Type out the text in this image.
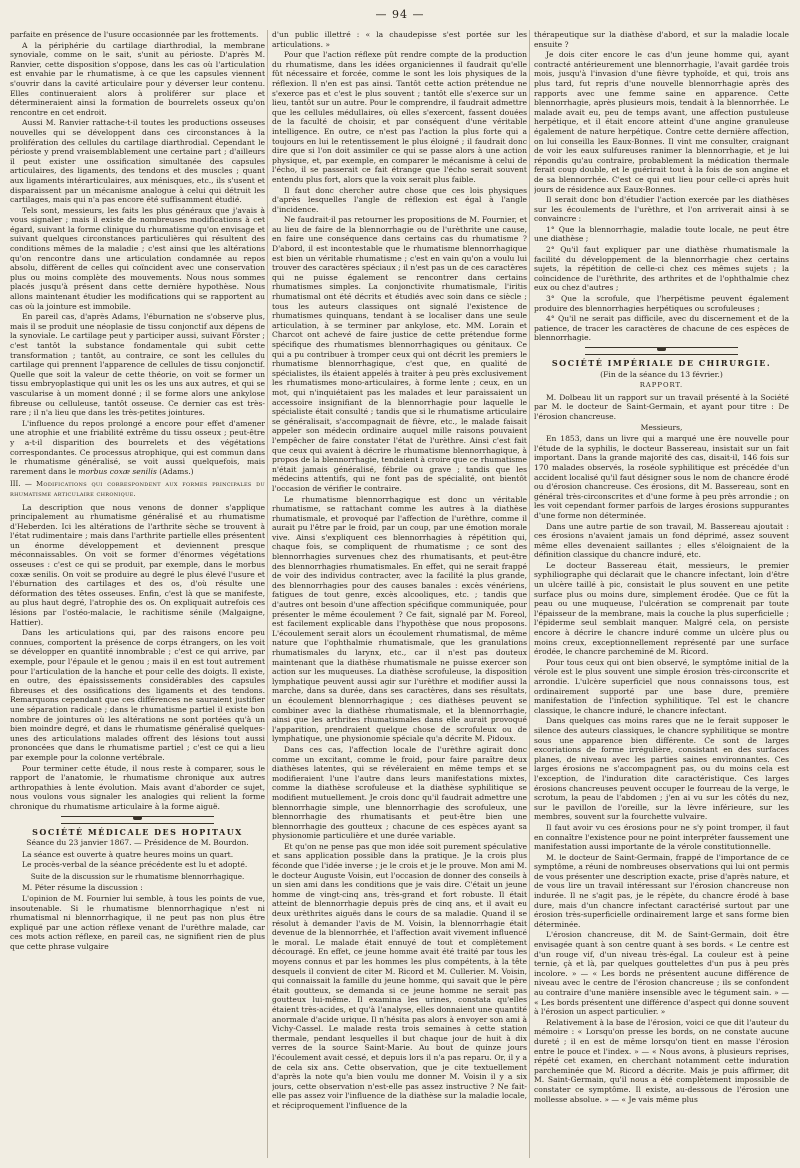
— 94 —

parfaite en présence de l'usure occasionnée par les frottements.

A la périphérie du cartilage diarthrodial, la membrane synoviale, comme on le sait, s'unit au périoste. D'après M. Ranvier, cette disposition s'oppose, dans les cas où l'articulation est envahie par le rhumatisme, à ce que les capsules viennent s'ouvrir dans la cavité articulaire pour y déverser leur contenu. Elles continueraient alors à proliférer sur place et détermineraient ainsi la formation de bourrelets osseux qu'on rencontre en cet endroit.

Aussi M. Ranvier rattache-t-il toutes les productions osseuses nouvelles qui se développent dans ces circonstances à la prolifération des cellules du cartilage diarthrodial. Cependant le périoste y prend vraisemblablement une certaine part ; d'ailleurs il peut exister une ossification simultanée des capsules articulaires, des ligaments, des tendons et des muscles ; quant aux ligaments intérarticulaires, aux ménisques, etc., ils s'usent et disparaissent par un mécanisme analogue à celui qui détruit les cartilages, mais qui n'a pas encore été suffisamment étudié.

Tels sont, messieurs, les faits les plus généraux que j'avais à vous signaler ; mais il existe de nombreuses modifications à cet égard, suivant la forme clinique du rhumatisme qu'on envisage et suivant quelques circonstances particulières qui résultent des conditions mêmes de la maladie ; c'est ainsi que les altérations qu'on rencontre dans une articulation condamnée au repos absolu, diffèrent de celles qui coïncident avec une conservation plus ou moins complète des mouvements. Nous nous sommes placés jusqu'à présent dans cette dernière hypothèse. Nous allons maintenant étudier les modifications qui se rapportent au cas où la jointure est immobile.

En pareil cas, d'après Adams, l'éburnation ne s'observe plus, mais il se produit une néoplasie de tissu conjonctif aux dépens de la synoviale. Le cartilage peut y participer aussi, suivant Förster ; c'est tantôt la substance fondamentale qui subit cette transformation ; tantôt, au contraire, ce sont les cellules du cartilage qui prennent l'apparence de cellules de tissu conjonctif. Quelle que soit la valeur de cette théorie, on voit se former un tissu embryoplastique qui unit les os les uns aux autres, et qui se vascularise à un moment donné ; il se forme alors une ankylose fibreuse ou celluleuse, tantôt osseuse. Ce dernier cas est très-rare ; il n'a lieu que dans les très-petites jointures.

L'influence du repos prolongé a encore pour effet d'amener une atrophie et une friabilité extrême du tissu osseux ; peut-être y a-t-il disparition des bourrelets et des végétations correspondantes. Ce processus atrophique, qui est commun dans le rhumatisme généralisé, se voit aussi quelquefois, mais rarement dans le morbus coxæ senilis (Adams.)

III. — Modifications qui correspondent aux formes principales du rhumatisme articulaire chronique.

La description que nous venons de donner s'applique principalement au rhumatisme généralisé et au rhumatisme d'Heberden. Ici les altérations de l'arthrite sèche se trouvent à l'état rudimentaire ; mais dans l'arthrite partielle elles présentent un énorme développement et deviennent presque méconnaissables. On voit se former d'énormes végétations osseuses : c'est ce qui se produit, par exemple, dans le morbus coxæ senilis. On voit se produire au degré le plus élevé l'usure et l'éburnation des cartilages et des os, d'où résulte une déformation des têtes osseuses. Enfin, c'est là que se manifeste, au plus haut degré, l'atrophie des os. On expliquait autrefois ces lésions par l'ostéo-malacie, le rachitisme sénile (Malgaigne, Hattier).

Dans les articulations qui, par des raisons encore peu connues, comportent la présence de corps étrangers, on les voit se développer en quantité innombrable ; c'est ce qui arrive, par exemple, pour l'épaule et le genou ; mais il en est tout autrement pour l'articulation de la hanche et pour celle des doigts. Il existe, en outre, des épaississements considérables des capsules fibreuses et des ossifications des ligaments et des tendons. Remarquons cependant que ces différences ne sauraient justifier une séparation radicale ; dans le rhumatisme partiel il existe bon nombre de jointures où les altérations ne sont portées qu'à un bien moindre degré, et dans le rhumatisme généralisé quelques-unes des articulations malades offrent des lésions tout aussi prononcées que dans le rhumatisme partiel ; c'est ce qui a lieu par exemple pour la colonne vertébrale.

Pour terminer cette étude, il nous reste à comparer, sous le rapport de l'anatomie, le rhumatisme chronique aux autres arthropathies à lente évolution. Mais avant d'aborder ce sujet, nous voulons vous signaler les analogies qui relient la forme chronique du rhumatisme articulaire à la forme aiguë.

SOCIÉTÉ MÉDICALE DES HOPITAUX

Séance du 23 janvier 1867. — Présidence de M. Bourdon.

La séance est ouverte à quatre heures moins un quart.

Le procès-verbal de la séance précédente est lu et adopté.

Suite de la discussion sur le rhumatisme blennorrhagique.

M. Péter résume la discussion :

L'opinion de M. Fournier lui semble, à tous les points de vue, insoutenable. Si le rhumatisme blennorrhagique n'est ni rhumatismal ni blennorrhagique, il ne peut pas non plus être expliqué par une action réflexe venant de l'urèthre malade, car ces mots action réflexe, en pareil cas, ne signifient rien de plus que cette phrase vulgaire

d'un public illettré : « la chaudepisse s'est portée sur les articulations. »

Pour que l'action réflexe pût rendre compte de la production du rhumatisme, dans les idées organiciennes il faudrait qu'elle fût nécessaire et forcée, comme le sont les lois physiques de la réflexion. Il n'en est pas ainsi. Tantôt cette action prétendue ne s'exerce pas et c'est le plus souvent ; tantôt elle s'exerce sur un lieu, tantôt sur un autre. Pour le comprendre, il faudrait admettre que les cellules médullaires, où elles s'exercent, fassent douées de la faculté de choisir, et par conséquent d'une véritable intelligence. En outre, ce n'est pas l'action la plus forte qui a toujours en lui le retentissement le plus éloigné ; il faudrait donc dire que si l'on doit assimiler ce qui se passe alors à une action physique, et, par exemple, en comparer le mécanisme à celui de l'écho, il se passerait ce fait étrange que l'écho serait souvent entendu plus fort, alors que la voix serait plus faible.

Il faut donc chercher autre chose que ces lois physiques d'après lesquelles l'angle de réflexion est égal à l'angle d'incidence.

Ne faudrait-il pas retourner les propositions de M. Fournier, et au lieu de faire de la blennorrhagie ou de l'urèthrite une cause, en faire une conséquence dans certains cas du rhumatisme ? D'abord, il est incontestable que le rhumatisme blennorrhagique est bien un véritable rhumatisme ; c'est en vain qu'on a voulu lui trouver des caractères spéciaux ; il n'est pas un de ces caractères qui ne puisse également se rencontrer dans certains rhumatismes simples. La conjonctivite rhumatismale, l'iritis rhumatismal ont été décrits et étudiés avec soin dans ce siècle ; tous les auteurs classiques ont signalé l'existence de rhumatismes quinquans, tendant à se localiser dans une seule articulation, à se terminer par ankylose, etc. MM. Lorain et Charcot ont achevé de faire justice de cette prétendue forme spécifique des rhumatismes blennorrhagiques ou génitaux. Ce qui a pu contribuer à tromper ceux qui ont décrit les premiers le rhumatisme blennorrhagique, c'est que, en qualité de spécialistes, ils étaient appelés à traiter à peu près exclusivement les rhumatismes mono-articulaires, à forme lente ; ceux, en un mot, qui n'inquiétaient pas les malades et leur paraissaient un accessoire insignifiant de la blennorrhagie pour laquelle le spécialiste était consulté ; tandis que si le rhumatisme articulaire se généralisait, s'accompagnait de fièvre, etc., le malade faisait appeler son médecin ordinaire auquel mille raisons pouvaient l'empêcher de faire constater l'état de l'urèthre. Ainsi c'est fait que ceux qui avaient à décrire le rhumatisme blennorrhagique, à propos de la blennorrhagie, tendaient à croire que ce rhumatisme n'était jamais généralisé, fébrile ou grave ; tandis que les médecins attentifs, qui ne font pas de spécialité, ont bientôt l'occasion de vérifier le contraire.

Le rhumatisme blennorrhagique est donc un véritable rhumatisme, se rattachant comme les autres à la diathèse rhumatismale, et provoqué par l'affection de l'urèthre, comme il aurait pu l'être par le froid, par un coup, par une émotion morale vive. Ainsi s'expliquent ces blennorrhagies à répétition qui, chaque fois, se compliquent de rhumatisme ; ce sont des blennorrhagies survenues chez des rhumatisants, et peut-être des blennorrhagies rhumatismales. En effet, qui ne serait frappé de voir des individus contracter, avec la facilité la plus grande, des blennorrhagies pour des causes banales : excès vénériens, fatigues de tout genre, excès alcooliques, etc. ; tandis que d'autres ont besoin d'une affection spécifique communiquée, pour présenter le même écoulement ? Ce fait, signalé par M. Foreol, est facilement explicable dans l'hypothèse que nous proposons. L'écoulement serait alors un écoulement rhumatismal, de même nature que l'ophthalmie rhumatismale, que les granulations rhumatismales du larynx, etc., car il n'est pas douteux maintenant que la diathèse rhumatismale ne puisse exercer son action sur les muqueuses. La diathèse scrofuleuse, la disposition lymphatique peuvent aussi agir sur l'urèthre et modifier aussi la marche, dans sa durée, dans ses caractères, dans ses résultats, un écoulement blennorrhagique ; ces diathèses peuvent se combiner avec la diathèse rhumatismale, et la blennorrhagie, ainsi que les arthrites rhumatismales dans elle aurait provoqué l'apparition, prendraient quelque chose de scrofuleux ou de lymphatique, une physionomie spéciale qu'a décrite M. Pidoux.

Dans ces cas, l'affection locale de l'urèthre agirait donc comme un excitant, comme le froid, pour faire paraître deux diathèses latentes, qui se révéleraient en même temps et se modifieraient l'une l'autre dans leurs manifestations mixtes, comme la diathèse scrofuleuse et la diathèse syphilitique se modifient mutuellement. Je crois donc qu'il faudrait admettre une blennorrhagie simple, une blennorrhagie des scrofuleux, une blennorrhagie des rhumatisants et peut-être bien une blennorrhagie des goutteux ; chacune de ces espèces ayant sa physionomie particulière et une durée variable.

Et qu'on ne pense pas que mon idée soit purement spéculative et sans application possible dans la pratique. Je la crois plus féconde que l'idée inverse ; je le crois et je le prouve. Mon ami M. le docteur Auguste Voisin, eut l'occasion de donner des conseils à un sien ami dans les conditions que je vais dire. C'était un jeune homme de vingt-cinq ans, très-grand et fort robuste. Il était atteint de blennorrhagie depuis près de cinq ans, et il avait eu deux urèthrites aiguës dans le cours de sa maladie. Quand il se résolut à demander l'avis de M. Voisin, la blennorrhagie était devenue de la blennorrhée, et l'affection avait vivement influencé le moral. Le malade était ennuyé de tout et complètement découragé. En effet, ce jeune homme avait été traité par tous les moyens connus et par les hommes les plus compétents, à la tête desquels il convient de citer M. Ricord et M. Cullerier. M. Voisin, qui connaissait la famille du jeune homme, qui savait que le père était goutteux, se demanda si ce jeune homme ne serait pas goutteux lui-même. Il examina les urines, constata qu'elles étaient très-acides, et qu'à l'analyse, elles donnaient une quantité anormale d'acide urique. Il n'hésita pas alors à envoyer son ami à Vichy-Cassel. Le malade resta trois semaines à cette station thermale, pendant lesquelles il but chaque jour de huit à dix verres de la source Saint-Marie. Au bout de quinze jours l'écoulement avait cessé, et depuis lors il n'a pas reparu. Or, il y a de cela six ans. Cette observation, que je cite textuellement d'après la note qu'a bien voulu me donner M. Voisin il y a six jours, cette observation n'est-elle pas assez instructive ? Ne fait-elle pas assez voir l'influence de la diathèse sur la maladie locale, et réciproquement l'influence de la

thérapeutique sur la diathèse d'abord, et sur la maladie locale ensuite ?

Je dois citer encore le cas d'un jeune homme qui, ayant contracté antérieurement une blennorrhagie, l'avait gardée trois mois, jusqu'à l'invasion d'une fièvre typhoïde, et qui, trois ans plus tard, fut repris d'une nouvelle blennorrhagie après des rapports avec une femme saine en apparence. Cette blennorrhagie, après plusieurs mois, tendait à la blennorrhée. Le malade avait eu, peu de temps avant, une affection pustuleuse herpétique, et il était encore atteint d'une angine granuleuse également de nature herpétique. Contre cette dernière affection, on lui conseilla les Eaux-Bonnes. Il vint me consulter, craignant de voir les eaux sulfureuses ranimer la blennorrhagie, et je lui répondis qu'au contraire, probablement la médication thermale ferait coup double, et le guérirait tout à la fois de son angine et de sa blennorrhée. C'est ce qui eut lieu pour celle-ci après huit jours de résidence aux Eaux-Bonnes.

Il serait donc bon d'étudier l'action exercée par les diathèses sur les écoulements de l'urèthre, et l'on arriverait ainsi à se convaincre :

1° Que la blennorrhagie, maladie toute locale, ne peut être une diathèse ;

2° Qu'il faut expliquer par une diathèse rhumatismale la facilité du développement de la blennorrhagie chez certains sujets, la répétition de celle-ci chez ces mêmes sujets ; la coïncidence de l'urèthrite, des arthrites et de l'ophthalmie chez eux ou chez d'autres ;

3° Que la scrofule, que l'herpétisme peuvent également produire des blennorrhagies herpétiques ou scrofuleuses ;

4° Qu'il ne serait pas difficile, avec du discernement et de la patience, de tracer les caractères de chacune de ces espèces de blennorrhagie.

SOCIÉTÉ IMPÉRIALE DE CHIRURGIE.

(Fin de la séance du 13 février.)

RAPPORT.

M. Dolbeau lit un rapport sur un travail présenté à la Société par M. le docteur de Saint-Germain, et ayant pour titre : De l'érosion chancreuse.

Messieurs,

En 1853, dans un livre qui a marqué une ère nouvelle pour l'étude de la syphilis, le docteur Bassereau, insistait sur un fait important. Dans la grande majorité des cas, disait-il, 146 fois sur 170 malades observés, la roséole syphilitique est précédée d'un accident localisé qu'il faut désigner sous le nom de chancre érodé ou d'érosion chancreuse. Ces érosions, dit M. Bassereau, sont en général très-circonscrites et d'une forme à peu près arrondie ; on les voit cependant former parfois de larges érosions suppurantes d'une forme non déterminée.

Dans une autre partie de son travail, M. Bassereau ajoutait : ces érosions n'avaient jamais un fond déprimé, assez souvent même elles devenaient saillantes ; elles s'éloignaient de la définition classique du chancre induré, etc.

Le docteur Bassereau était, messieurs, le premier syphiliographe qui déclarait que le chancre infectant, loin d'être un ulcère taillé à pic, consistait le plus souvent en une petite surface plus ou moins dure, simplement érodée. Que ce fût la peau ou une muqueuse, l'ulcération se comprenait par toute l'épaisseur de la membrane, mais la couche la plus superficielle ; l'épiderme seul semblait manquer. Malgré cela, on persiste encore à décrire le chancre induré comme un ulcère plus ou moins creux, exceptionnellement représenté par une surface érodée, le chancre parcheminé de M. Ricord.

Pour tous ceux qui ont bien observé, le symptôme initial de la vérole est le plus souvent une simple érosion très-circonscrite et arrondie. L'ulcère superficiel que nous connaissons tous, est ordinairement supporté par une base dure, première manifestation de l'infection syphilitique. Tel est le chancre classique, le chancre induré, le chancre infectant.

Dans quelques cas moins rares que ne le ferait supposer le silence des auteurs classiques, le chancre syphilitique se montre sous une apparence bien différente. Ce sont de larges excoriations de forme irrégulière, consistant en des surfaces planes, de niveau avec les parties saines environnantes. Ces larges érosions ne s'accompagnent pas, ou du moins cela est l'exception, de l'induration dite caractéristique. Ces larges érosions chancreuses peuvent occuper le fourreau de la verge, le scrotum, la peau de l'abdomen ; j'en ai vu sur les côtés du nez, sur le pavillon de l'oreille, sur la lèvre inférieure, sur les membres, souvent sur la fourchette vulvaire.

Il faut avoir vu ces érosions pour ne s'y point tromper, il faut en connaître l'existence pour ne point interpréter faussement une manifestation aussi importante de la vérole constitutionnelle.

M. le docteur de Saint-Germain, frappé de l'importance de ce symptôme, a réuni de nombreuses observations qui lui ont permis de vous présenter une description exacte, prise d'après nature, et de vous lire un travail intéressant sur l'érosion chancreuse non indurée. Il ne s'agit pas, je le répète, du chancre érodé à base dure, mais d'un chancre infectant caractérisé surtout par une érosion très-superficielle ordinairement large et sans forme bien déterminée.

L'érosion chancreuse, dit M. de Saint-Germain, doit être envisagée quant à son centre quant à ses bords. « Le centre est d'un rouge vif, d'un niveau très-égal. La couleur est à peine ternie, çà et là, par quelques gouttelettes d'un pus à peu près incolore. » — « Les bords ne présentent aucune différence de niveau avec le centre de l'érosion chancreuse ; ils se confondent au contraire d'une manière insensible avec le tégument sain. » — « Les bords présentent une différence d'aspect qui donne souvent à l'érosion un aspect particulier. »

Relativement à la base de l'érosion, voici ce que dit l'auteur du mémoire : « Lorsqu'on presse les bords, on ne constate aucune dureté ; il en est de même lorsqu'on tient en masse l'érosion entre le pouce et l'index. » — « Nous avons, à plusieurs reprises, répété cet examen, en cherchant notamment cette induration parcheminée que M. Ricord a décrite. Mais je puis affirmer, dit M. Saint-Germain, qu'il nous a été complètement impossible de constater ce symptôme. Il existe, au-dessous de l'érosion une mollesse absolue. » — « Je vais même plus
